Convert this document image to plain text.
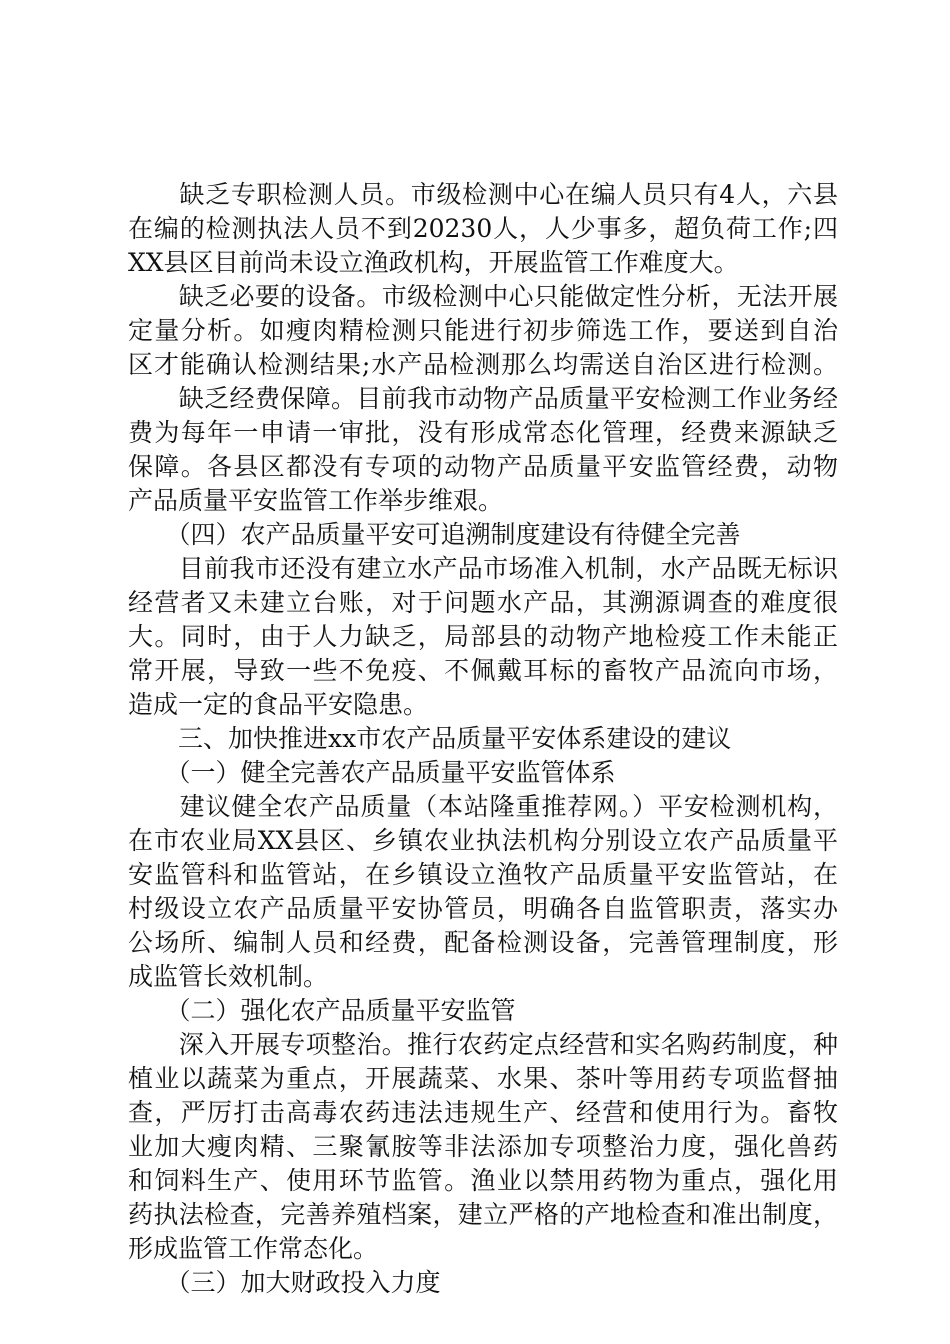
　　缺乏专职检测人员。市级检测中心在编人员只有4人，六县
在编的检测执法人员不到20230人，人少事多，超负荷工作;四
XX县区目前尚未设立渔政机构，开展监管工作难度大。
　　缺乏必要的设备。市级检测中心只能做定性分析，无法开展
定量分析。如瘦肉精检测只能进行初步筛选工作，要送到自治
区才能确认检测结果;水产品检测那么均需送自治区进行检测。
　　缺乏经费保障。目前我市动物产品质量平安检测工作业务经
费为每年一申请一审批，没有形成常态化管理，经费来源缺乏
保障。各县区都没有专项的动物产品质量平安监管经费，动物
产品质量平安监管工作举步维艰。
　　（四）农产品质量平安可追溯制度建设有待健全完善
　　目前我市还没有建立水产品市场准入机制，水产品既无标识
经营者又未建立台账，对于问题水产品，其溯源调查的难度很
大。同时，由于人力缺乏，局部县的动物产地检疫工作未能正
常开展，导致一些不免疫、不佩戴耳标的畜牧产品流向市场，
造成一定的食品平安隐患。
　　三、加快推进xx市农产品质量平安体系建设的建议
　　（一）健全完善农产品质量平安监管体系
　　建议健全农产品质量（本站隆重推荐网。）平安检测机构，
在市农业局XX县区、乡镇农业执法机构分别设立农产品质量平
安监管科和监管站，在乡镇设立渔牧产品质量平安监管站，在
村级设立农产品质量平安协管员，明确各自监管职责，落实办
公场所、编制人员和经费，配备检测设备，完善管理制度，形
成监管长效机制。
　　（二）强化农产品质量平安监管
　　深入开展专项整治。推行农药定点经营和实名购药制度，种
植业以蔬菜为重点，开展蔬菜、水果、茶叶等用药专项监督抽
查，严厉打击高毒农药违法违规生产、经营和使用行为。畜牧
业加大瘦肉精、三聚氰胺等非法添加专项整治力度，强化兽药
和饲料生产、使用环节监管。渔业以禁用药物为重点，强化用
药执法检查，完善养殖档案，建立严格的产地检查和准出制度，
形成监管工作常态化。
　　（三）加大财政投入力度
